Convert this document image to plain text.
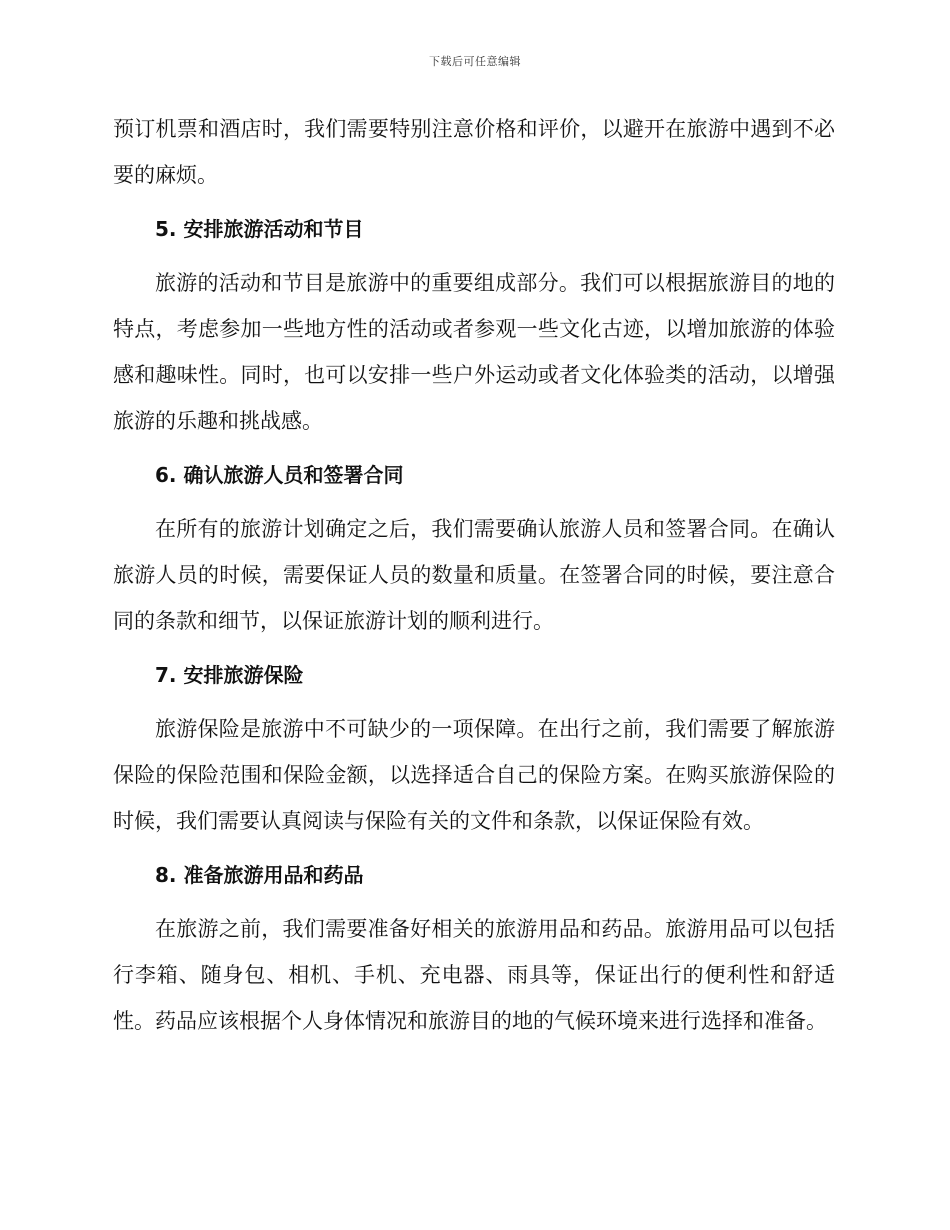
下载后可任意编辑

预订机票和酒店时，我们需要特别注意价格和评价，以避开在旅游中遇到不必要的麻烦。

5. 安排旅游活动和节目

旅游的活动和节目是旅游中的重要组成部分。我们可以根据旅游目的地的特点，考虑参加一些地方性的活动或者参观一些文化古迹，以增加旅游的体验感和趣味性。同时，也可以安排一些户外运动或者文化体验类的活动，以增强旅游的乐趣和挑战感。

6. 确认旅游人员和签署合同

在所有的旅游计划确定之后，我们需要确认旅游人员和签署合同。在确认旅游人员的时候，需要保证人员的数量和质量。在签署合同的时候，要注意合同的条款和细节，以保证旅游计划的顺利进行。

7. 安排旅游保险

旅游保险是旅游中不可缺少的一项保障。在出行之前，我们需要了解旅游保险的保险范围和保险金额，以选择适合自己的保险方案。在购买旅游保险的时候，我们需要认真阅读与保险有关的文件和条款，以保证保险有效。

8. 准备旅游用品和药品

在旅游之前，我们需要准备好相关的旅游用品和药品。旅游用品可以包括行李箱、随身包、相机、手机、充电器、雨具等，保证出行的便利性和舒适性。药品应该根据个人身体情况和旅游目的地的气候环境来进行选择和准备。
